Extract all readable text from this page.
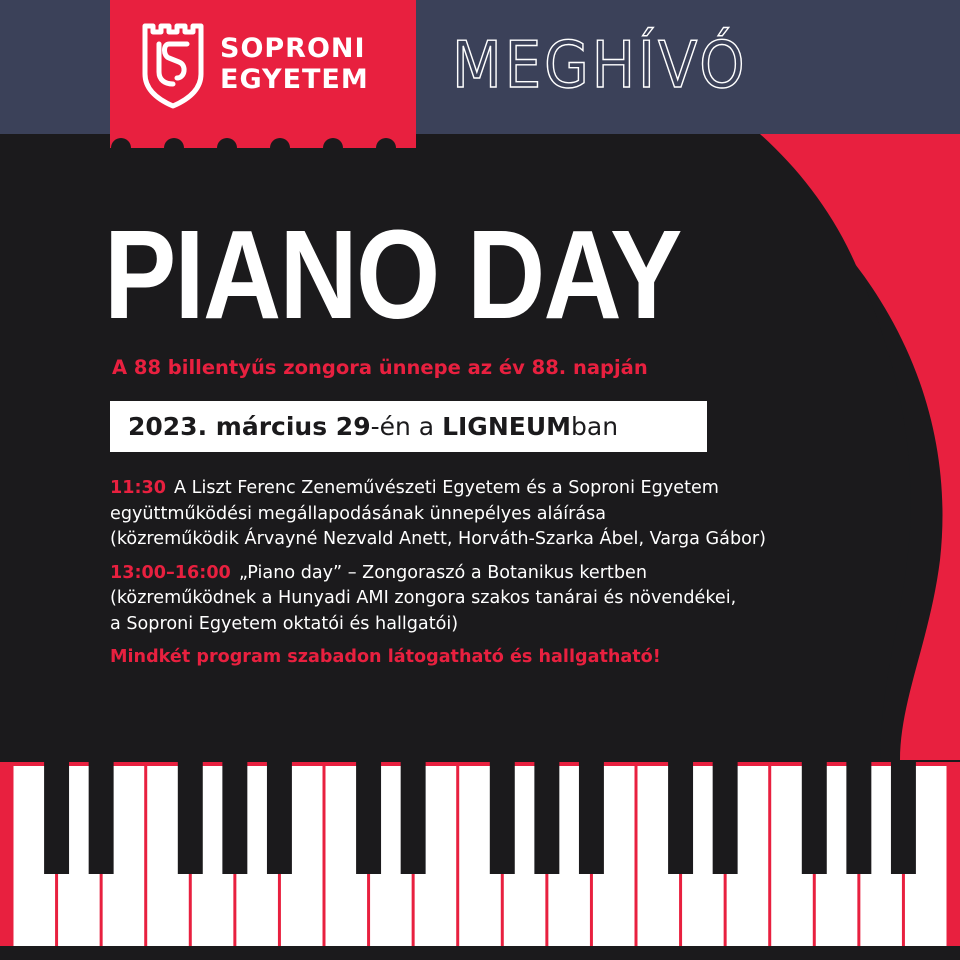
SOPRONI
EGYETEM MEGHÍVÓ
PIANO DAY
A 88 billentyűs zongora ünnepe az év 88. napján
2023. március 29-én a LIGNEUMban
11:30 A Liszt Ferenc Zeneművészeti Egyetem és a Soproni Egyetem
együttműködési megállapodásának ünnepélyes aláírása
(közreműködik Árvayné Nezvald Anett, Horváth-Szarka Ábel, Varga Gábor)
13:00–16:00 „Piano day” – Zongoraszó a Botanikus kertben
(közreműködnek a Hunyadi AMI zongora szakos tanárai és növendékei,
a Soproni Egyetem oktatói és hallgatói)
Mindkét program szabadon látogatható és hallgatható!
